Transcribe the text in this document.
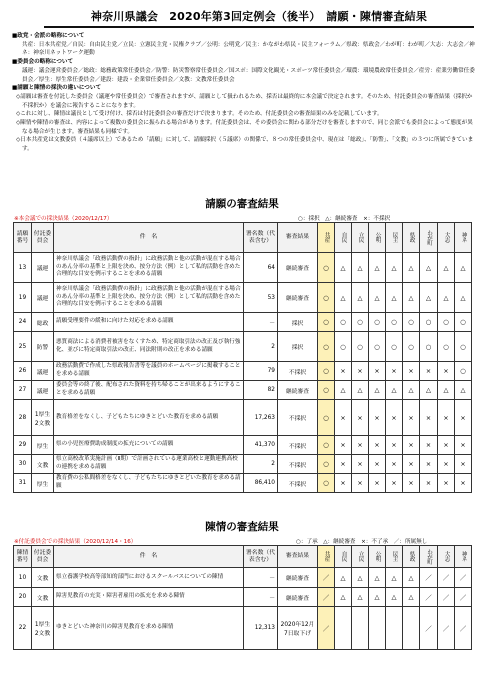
神奈川県議会　2020年第3回定例会（後半）　請願・陳情審査結果
■政党・会派の略称について
共産：日本共産党／自民：自由民主党／立民：立憲民主党・民権クラブ／公明：公明党／民主：かながわ県民・民主フォーラム／県政：県政会／わが町：わが町／大志：大志会／神ネ：神奈川ネットワーク運動
■委員会の略称について
議運：議会運営委員会／総政：総務政策常任委員会／防警：防災警察常任委員会／国スポ：国際文化観光・スポーツ常任委員会／環農：環境農政常任委員会／産労：産業労働常任委員会／厚生：厚生常任委員会／建設：建設・企業常任委員会／文教：文教常任委員会
■請願と陳情の採決の違いについて
◇請願は審査を付託した委員会（議運や常任委員会）で審査されますが、請願として扱われるため、採否は最終的に本会議で決定されます。そのため、付託委員会の審査結果（採択か不採択か）を議会に報告することになります。
◇これに対し、陳情は議長として受け付け、採否は付託委員会の審査だけで決まります。そのため、付託委員会の審査結果のみを記載しています。
◇陳情や陳情の審査は、内容によって複数の委員会に振られる場合があります。付託委員会は、その委員会に関わる部分だけを審査しますので、同じ会派でも委員会によって態度が異なる場合が生じます。審査結果も同様です。
◇日本共産党は文教委員（４議席以上）であるため「請願」に対して、請願採択（５議席）の関係で、８つの常任委員会中、現在は「総政」、「防警」、「文教」の３つに所属できています。
請願の審査結果
※本会議での採決結果（2020/12/17）	○：採択　△：継続審査　×：不採択
請願番号	付託委員会	件　名	署名数（代表含む）	審査結果	共産	自民	立民	公明	民主	県政	わが町	大志	神ネ
13	議運	神奈川県議会「政務活動費の指針」に政務活動と他の活動が混在する場合のあん分率の基準と上限を決め、按分方法（例）として私的活動を含めた合理的な目安を例示することを求める請願	64	継続審査	○	△	△	△	△	△	△	△	△
19	議運	神奈川県議会「政務活動費の指針」に政務活動と他の活動が混在する場合のあん分率の基準と上限を決め、按分方法（例）として私的活動を含めた合理的な目安を例示することを求める請願	53	継続審査	○	△	△	△	△	△	△	△	△
24	総政	請願受理要件の緩和に向けた対応を求める請願	－	採択	○	○	○	○	○	○	○	○	○
25	防警	悪質商法による消費者被害をなくすため、特定商取引法の改正及び執行強化、並びに特定商取引法の改正、同法附則の改正を求める請願	2	採択	○	○	○	○	○	○	○	○	○
26	議運	政務活動費で作成した県政報告書等を議員のホームページに掲載することを求める請願	79	不採択	○	×	×	×	×	×	×	×	○
27	議運	委員会等の終了後、配布された資料を持ち帰ることが出来るようにすることを求める請願	82	継続審査	○	△	△	△	△	△	△	△	△
28	1厚生
2文教	教育格差をなくし、子どもたちにゆきとどいた教育を求める請願	17,263	不採択	○	×	×	×	×	×	×	×	×
29	厚生	県の小児医療費助成制度の拡充についての請願	41,370	不採択	○	×	×	×	×	×	×	×	×
30	文教	県立高校改革実施計画（Ⅱ期）で計画されている運業高校と運動連携高校の連携を求める請願	2	不採択	○	×	×	×	×	×	×	×	×
31	厚生	教育費の公私間格差をなくし、子どもたちにゆきとどいた教育を求める請願	86,410	不採択	○	×	×	×	×	×	×	×	×
陳情の審査結果
※付託委員会での採決結果（2020/12/14・16）	○：了承　△：継続審査　×：不了承　／：所属無し
陳情番号	付託委員会	件　名	署名数（代表含む）	審査結果	共産	自民	立民	公明	民主	県政	わが町	大志	神ネ
10	文教	県立養護学校高等部知的部門におけるスクールバスについての陳情	－	継続審査	／	△	△	△	△	△	／	／	／
20	文教	障害児教育の充実・障害者雇用の拡充を求める陳情	－	継続審査	／	△	△	△	△	△	／	／	／
22	1厚生
2文教	ゆきとどいた神奈川の障害児教育を求める陳情	12,313	2020年12月7日取下げ	／						／	／	／
